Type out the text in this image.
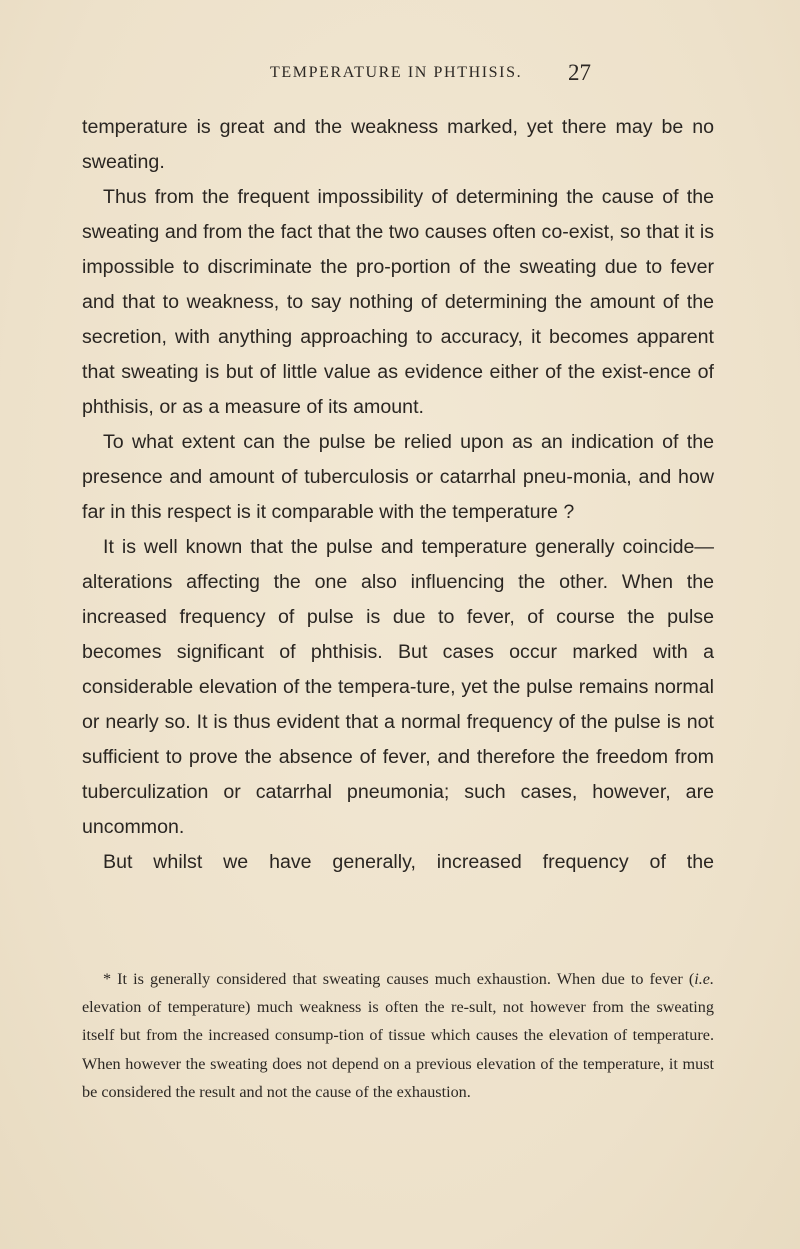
TEMPERATURE IN PHTHISIS. 27

temperature is great and the weakness marked, yet there may be no sweating.

Thus from the frequent impossibility of determining the cause of the sweating and from the fact that the two causes often co-exist, so that it is impossible to discriminate the pro-portion of the sweating due to fever and that to weakness, to say nothing of determining the amount of the secretion, with anything approaching to accuracy, it becomes apparent that sweating is but of little value as evidence either of the exist-ence of phthisis, or as a measure of its amount.

To what extent can the pulse be relied upon as an indication of the presence and amount of tuberculosis or catarrhal pneu-monia, and how far in this respect is it comparable with the temperature ?

It is well known that the pulse and temperature generally coincide—alterations affecting the one also influencing the other. When the increased frequency of pulse is due to fever, of course the pulse becomes significant of phthisis. But cases occur marked with a considerable elevation of the tempera-ture, yet the pulse remains normal or nearly so. It is thus evident that a normal frequency of the pulse is not sufficient to prove the absence of fever, and therefore the freedom from tuberculization or catarrhal pneumonia; such cases, however, are uncommon.

But whilst we have generally, increased frequency of the

* It is generally considered that sweating causes much exhaustion. When due to fever (i.e. elevation of temperature) much weakness is often the re-sult, not however from the sweating itself but from the increased consump-tion of tissue which causes the elevation of temperature. When however the sweating does not depend on a previous elevation of the temperature, it must be considered the result and not the cause of the exhaustion.
